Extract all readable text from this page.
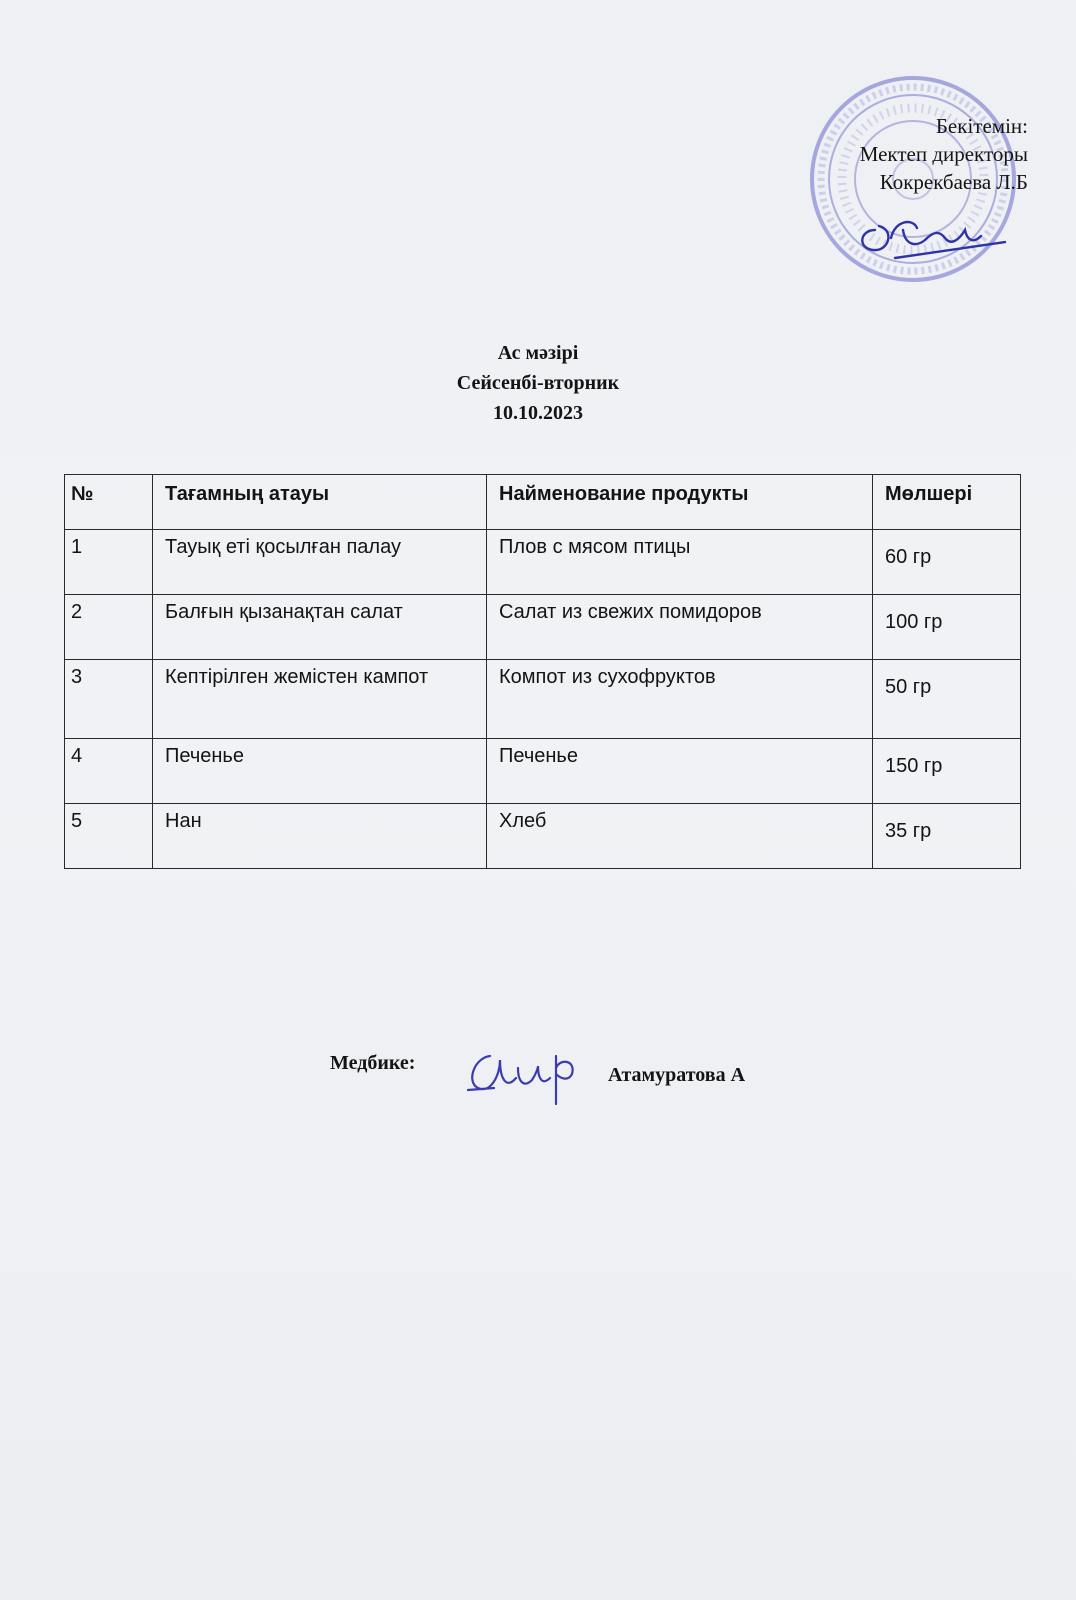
Бекітемін:
Мектеп директоры
Кокрекбаева Л.Б
Ас мәзірі
Сейсенбі-вторник
10.10.2023
№	Тағамның атауы	Найменование продукты	Мөлшері
1	Тауық еті қосылған палау	Плов с мясом птицы	60 гр
2	Балғын қызанақтан салат	Салат из свежих помидоров	100 гр
3	Кептірілген жемістен кампот	Компот из сухофруктов	50 гр
4	Печенье	Печенье	150 гр
5	Нан	Хлеб	35 гр
Медбике:
Атамуратова А
